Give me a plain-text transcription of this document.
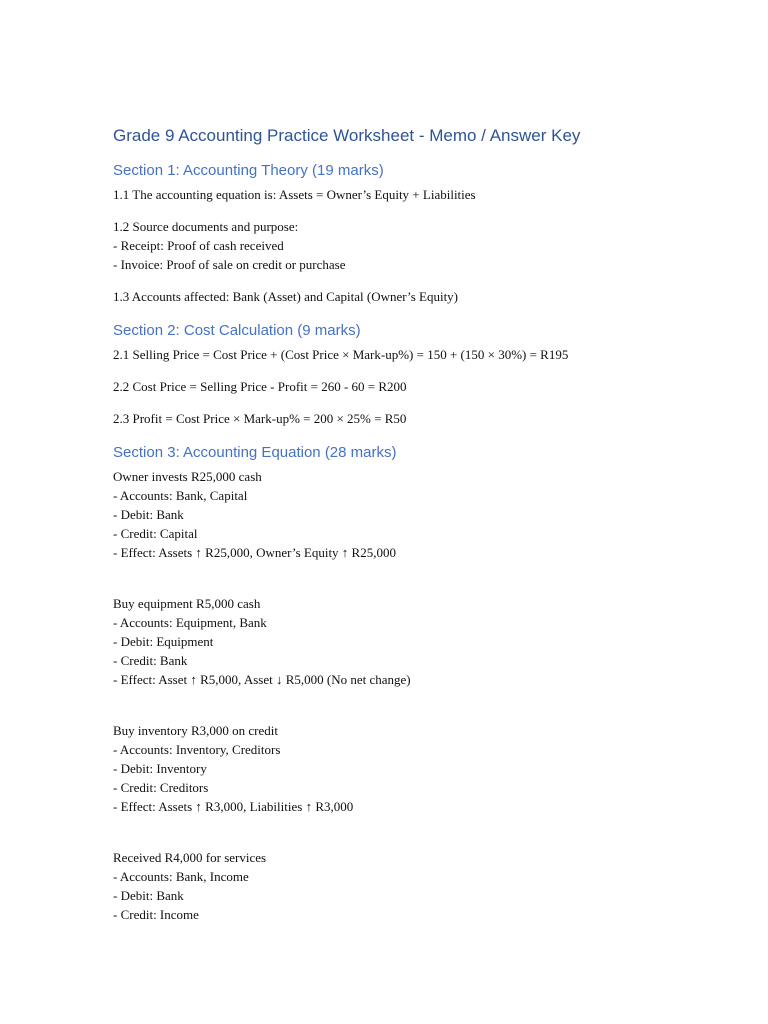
Grade 9 Accounting Practice Worksheet - Memo / Answer Key
Section 1: Accounting Theory (19 marks)

1.1 The accounting equation is: Assets = Owner’s Equity + Liabilities

1.2 Source documents and purpose:

- Receipt: Proof of cash received

- Invoice: Proof of sale on credit or purchase

1.3 Accounts affected: Bank (Asset) and Capital (Owner’s Equity)

Section 2: Cost Calculation (9 marks)

2.1 Selling Price = Cost Price + (Cost Price × Mark-up%) = 150 + (150 × 30%) = R195

2.2 Cost Price = Selling Price - Profit = 260 - 60 = R200

2.3 Profit = Cost Price × Mark-up% = 200 × 25% = R50

Section 3: Accounting Equation (28 marks)

Owner invests R25,000 cash

- Accounts: Bank, Capital

- Debit: Bank

- Credit: Capital

- Effect: Assets ↑ R25,000, Owner’s Equity ↑ R25,000

Buy equipment R5,000 cash

- Accounts: Equipment, Bank

- Debit: Equipment

- Credit: Bank

- Effect: Asset ↑ R5,000, Asset ↓ R5,000 (No net change)

Buy inventory R3,000 on credit

- Accounts: Inventory, Creditors

- Debit: Inventory

- Credit: Creditors

- Effect: Assets ↑ R3,000, Liabilities ↑ R3,000

Received R4,000 for services

- Accounts: Bank, Income

- Debit: Bank

- Credit: Income
